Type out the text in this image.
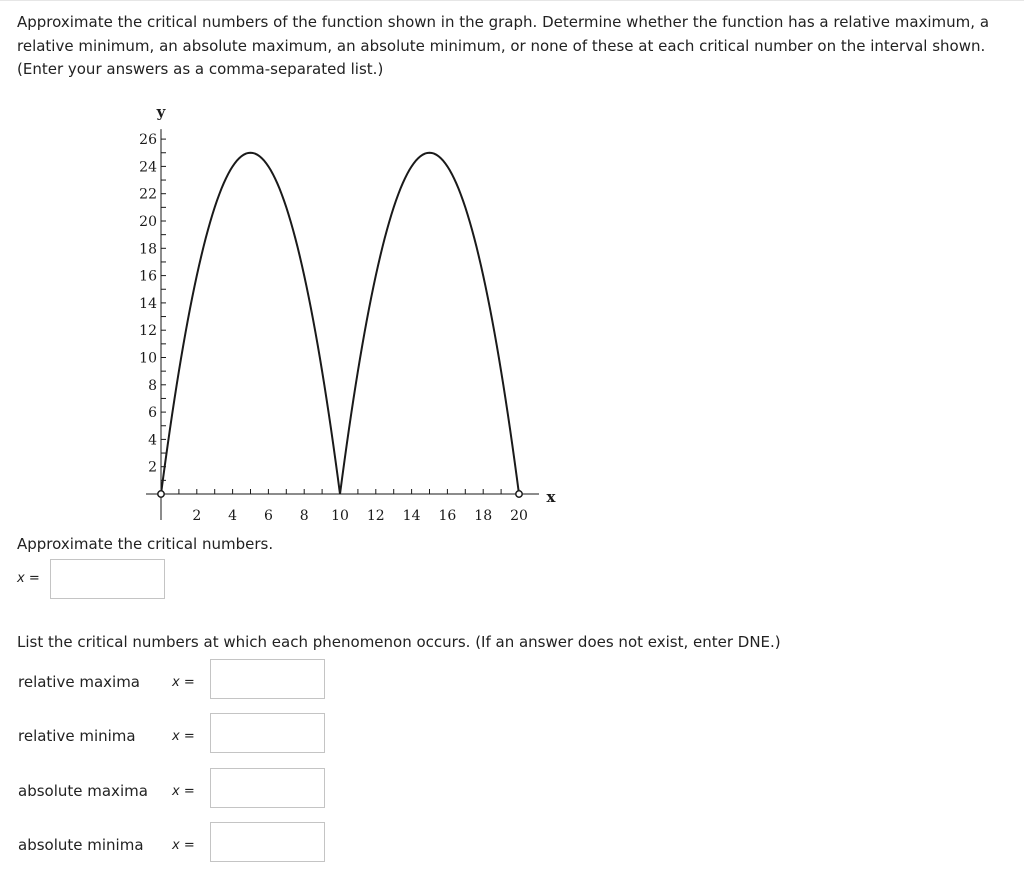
Approximate the critical numbers of the function shown in the graph. Determine whether the function has a relative maximum, a
relative minimum, an absolute maximum, an absolute minimum, or none of these at each critical number on the interval shown.
(Enter your answers as a comma-separated list.)
2 4 6 8 10 12 14 16 18 20
2
4
6
8
10
12
14
16
18
20
22
24
26
x
y

Approximate the critical numbers.

x =

List the critical numbers at which each phenomenon occurs. (If an answer does not exist, enter DNE.)

relative maxima x =
relative minima	x =
absolute maxima x =
absolute minima x =
